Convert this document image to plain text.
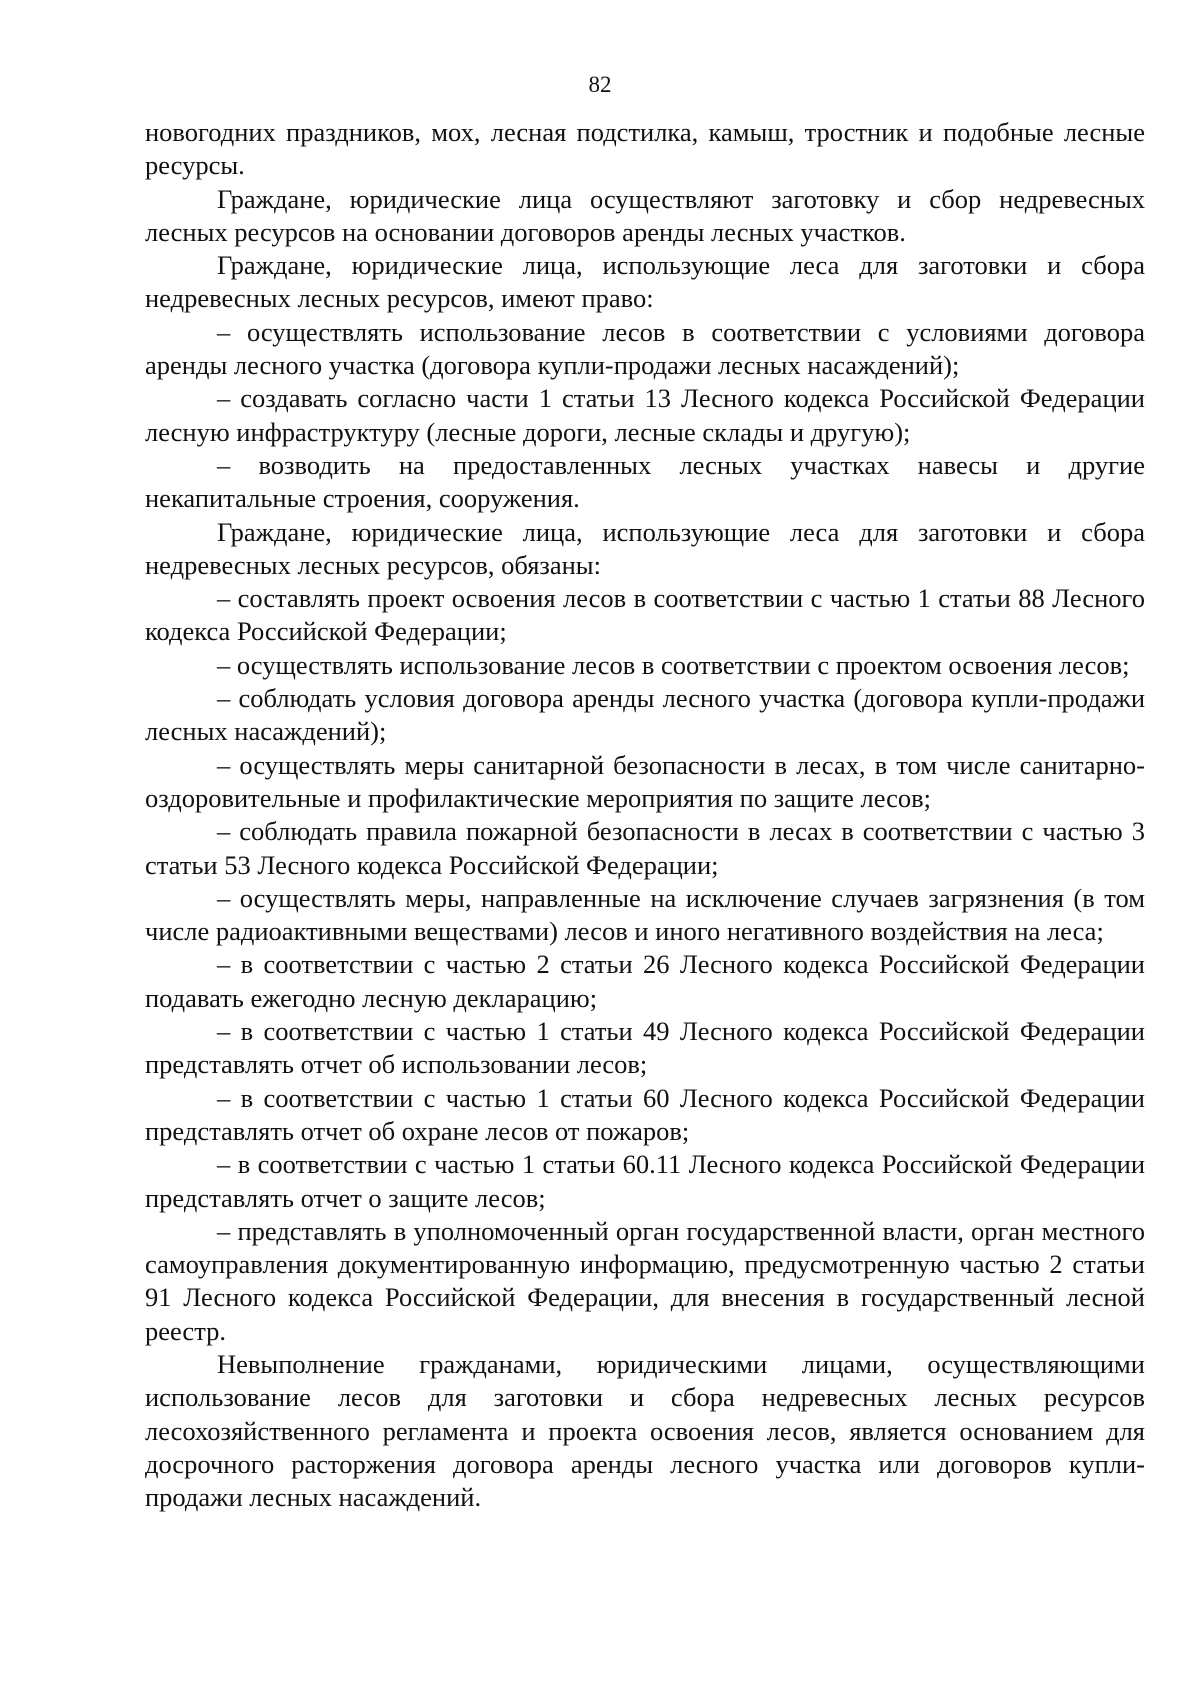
82

новогодних праздников, мох, лесная подстилка, камыш, тростник и подобные лесные ресурсы.

Граждане, юридические лица осуществляют заготовку и сбор недревесных лесных ресурсов на основании договоров аренды лесных участков.

Граждане, юридические лица, использующие леса для заготовки и сбора недревесных лесных ресурсов, имеют право:

– осуществлять использование лесов в соответствии с условиями договора аренды лесного участка (договора купли-продажи лесных насаждений);

– создавать согласно части 1 статьи 13 Лесного кодекса Российской Федерации лесную инфраструктуру (лесные дороги, лесные склады и другую);

– возводить на предоставленных лесных участках навесы и другие некапитальные строения, сооружения.

Граждане, юридические лица, использующие леса для заготовки и сбора недревесных лесных ресурсов, обязаны:

– составлять проект освоения лесов в соответствии с частью 1 статьи 88 Лесного кодекса Российской Федерации;

– осуществлять использование лесов в соответствии с проектом освоения лесов;

– соблюдать условия договора аренды лесного участка (договора купли-продажи лесных насаждений);

– осуществлять меры санитарной безопасности в лесах, в том числе санитарно-оздоровительные и профилактические мероприятия по защите лесов;

– соблюдать правила пожарной безопасности в лесах в соответствии с частью 3 статьи 53 Лесного кодекса Российской Федерации;

– осуществлять меры, направленные на исключение случаев загрязнения (в том числе радиоактивными веществами) лесов и иного негативного воздействия на леса;

– в соответствии с частью 2 статьи 26 Лесного кодекса Российской Федерации подавать ежегодно лесную декларацию;

– в соответствии с частью 1 статьи 49 Лесного кодекса Российской Федерации представлять отчет об использовании лесов;

– в соответствии с частью 1 статьи 60 Лесного кодекса Российской Федерации представлять отчет об охране лесов от пожаров;

– в соответствии с частью 1 статьи 60.11 Лесного кодекса Российской Федерации представлять отчет о защите лесов;

– представлять в уполномоченный орган государственной власти, орган местного самоуправления документированную информацию, предусмотренную частью 2 статьи 91 Лесного кодекса Российской Федерации, для внесения в государственный лесной реестр.

Невыполнение гражданами, юридическими лицами, осуществляющими использование лесов для заготовки и сбора недревесных лесных ресурсов лесохозяйственного регламента и проекта освоения лесов, является основанием для досрочного расторжения договора аренды лесного участка или договоров купли-продажи лесных насаждений.
